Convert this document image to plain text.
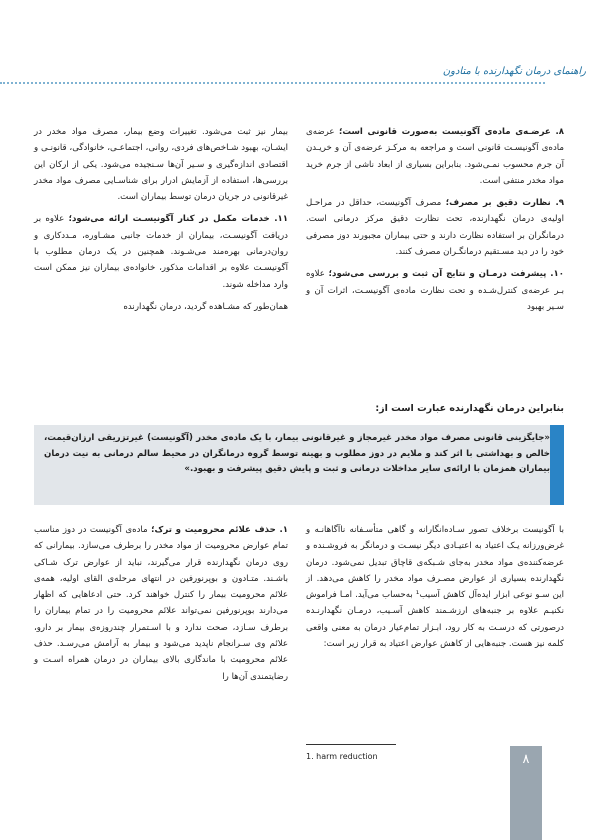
راهنمای درمان نگهدارنده با متادون

۸. عرضـه‌ی ماده‌ی آگونیست به‌صورت قانونی است؛ عرضه‌ی ماده‌ی آگونیسـت قانونی است و مراجعه به مرکـز عرضه‌ی آن و خریـدن آن جرم محسوب نمـی‌شود. بنابراین بسیاری از ابعاد ناشی از جرم خرید مواد مخدر منتفی است.

۹. نظارت دقیق بر مصرف؛ مصرف آگونیست، حداقل در مراحـل اولیه‌ی درمان نگهدارنده، تحت نظارت دقیق مرکز درمانی است. درمانگران بر استفاده نظارت دارند و حتی بیماران مجبورند دوز مصرفی خود را در دید مسـتقیم درمانگـران مصرف کنند.

۱۰. پیشرفت درمـان و نتایج آن ثبت و بررسی می‌شود؛ علاوه بـر عرضه‌ی کنترل‌شـده و تحت نظارت ماده‌ی آگونیسـت، اثرات آن و سـیر بهبود

بیمار نیز ثبت می‌شود. تغییرات وضع بیمار، مصرف مواد مخدر در ایشـان، بهبود شـاخص‌های فردی، روانی، اجتماعـی، خانوادگی، قانونـی و اقتصادی اندازه‌گیری و سـیر آن‌ها سـنجیده می‌شود. یکی از ارکان این بررسی‌ها، استفاده از آزمایش ادرار برای شناسـایی مصرف مواد مخدر غیرقانونی در جریان درمان توسط بیماران است.

۱۱. خدمات مکمل در کنار آگونیسـت ارائه می‌شود؛ علاوه بر دریافت آگونیسـت، بیماران از خدمات جانبی مشـاوره، مـددکاری و روان‌درمانی بهره‌مند می‌شـوند. همچنین در یک درمان مطلوب با آگونیسـت علاوه بر اقدامات مذکور، خانواده‌ی بیماران نیز ممکن است وارد مداخله شوند.

همان‌طور که مشـاهده گردید، درمان نگهدارنده

بنابراین درمان نگهدارنده عبارت است از:
«جایگزینی قانونی مصرف مواد مخدر غیرمجاز و غیرقانونی بیمار، با یک ماده‌ی مخدر (آگونیست) غیرتزریقی ارزان‌قیمت، خالص و بهداشتی با اثر کند و ملایم در دوز مطلوب و بهینه توسط گروه درمانگران در محیط سالم درمانی به نیت درمان بیماران همزمان با ارائه‌ی سایر مداخلات درمانی و ثبت و پایش دقیق پیشرفت و بهبود.»

با آگونیست برخلاف تصور سـاده‌انگارانه و گاهی متأسـفانه ناآگاهانـه و غرض‌ورزانه یـک اعتیاد به اعتیـادی دیگر نیسـت و درمانگر به فروشـنده و عرضه‌کننده‌ی مواد مخدر به‌جای شـبکه‌ی قاچاق تبدیل نمی‌شود. درمان نگهدارنده بسیاری از عوارض مصـرف مواد مخدر را کاهش می‌دهد. از این سـو نوعی ابزار ایده‌آل کاهش آسیب¹ به‌حساب می‌آید. امـا فراموش نکنیـم علاوه بر جنبه‌های ارزشـمند کاهش آسـیب، درمـان نگهدارنـده درصورتی که درسـت به کار رود، ابـزار تمام‌عیار درمان به معنی واقعی کلمه نیز هست. جنبه‌هایی از کاهش عوارض اعتیاد به قرار زیر است:

۱. حذف علائم محرومیت و ترک؛ ماده‌ی آگونیست در دوز مناسب تمام عوارض محرومیت از مواد مخدر را برطرف می‌سازد. بیمارانی که روی درمان نگهدارنده قرار می‌گیرند، نباید از عوارض ترک شـاکی باشـند. متـادون و بوپرنورفین در انتهای مرحله‌ی القای اولیه، همه‌ی علائم محرومیت بیمار را کنترل خواهند کرد. حتی ادعاهایی که اظهار می‌دارند بوپرنورفین نمی‌تواند علائم محرومیت را در تمام بیماران را برطرف سـازد، صحت ندارد و با اسـتمرار چندروزه‌ی بیمار بر دارو، علائم وی سـرانجام ناپدید می‌شود و بیمار به آرامش می‌رسـد. حذف علائم محرومیت با ماندگاری بالای بیماران در درمان همراه اسـت و رضایتمندی آن‌ها را

1. harm reduction	۸
